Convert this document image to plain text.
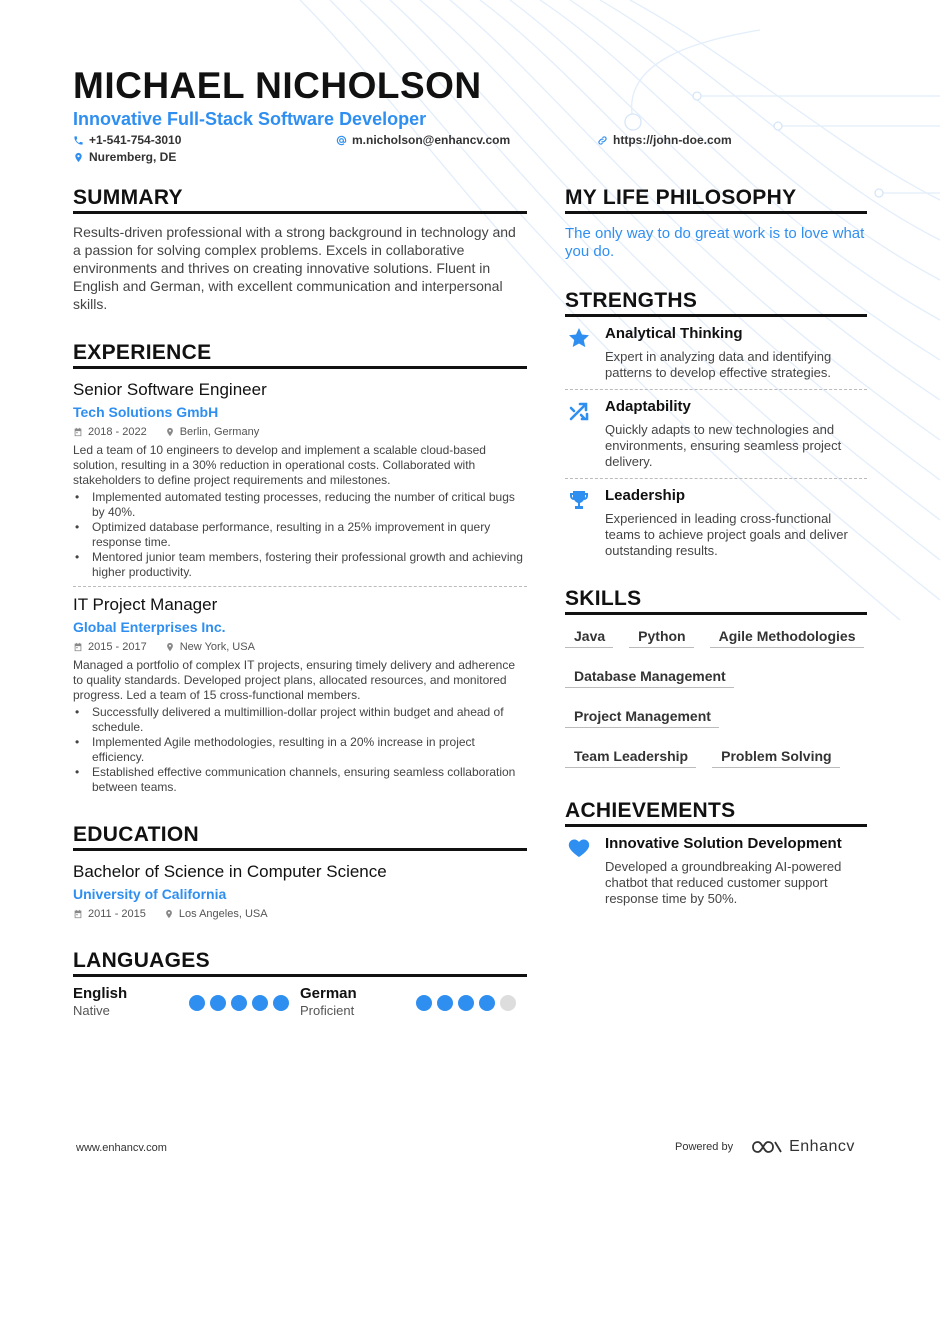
MICHAEL NICHOLSON
Innovative Full-Stack Software Developer
+1-541-754-3010	m.nicholson@enhancv.com	https://john-doe.com
Nuremberg, DE
SUMMARY
Results-driven professional with a strong background in technology and a passion for solving complex problems. Excels in collaborative environments and thrives on creating innovative solutions. Fluent in English and German, with excellent communication and interpersonal skills.
EXPERIENCE
Senior Software Engineer
Tech Solutions GmbH
2018 - 2022	Berlin, Germany
Led a team of 10 engineers to develop and implement a scalable cloud-based solution, resulting in a 30% reduction in operational costs. Collaborated with stakeholders to define project requirements and milestones.
• Implemented automated testing processes, reducing the number of critical bugs by 40%.
• Optimized database performance, resulting in a 25% improvement in query response time.
• Mentored junior team members, fostering their professional growth and achieving higher productivity.
IT Project Manager
Global Enterprises Inc.
2015 - 2017	New York, USA
Managed a portfolio of complex IT projects, ensuring timely delivery and adherence to quality standards. Developed project plans, allocated resources, and monitored progress. Led a team of 15 cross-functional members.
• Successfully delivered a multimillion-dollar project within budget and ahead of schedule.
• Implemented Agile methodologies, resulting in a 20% increase in project efficiency.
• Established effective communication channels, ensuring seamless collaboration between teams.
EDUCATION
Bachelor of Science in Computer Science
University of California
2011 - 2015	Los Angeles, USA
LANGUAGES
English
Native
German
Proficient
MY LIFE PHILOSOPHY
The only way to do great work is to love what you do.
STRENGTHS
Analytical Thinking
Expert in analyzing data and identifying patterns to develop effective strategies.
Adaptability
Quickly adapts to new technologies and environments, ensuring seamless project delivery.
Leadership
Experienced in leading cross-functional teams to achieve project goals and deliver outstanding results.
SKILLS
Java	Python	Agile Methodologies
Database Management
Project Management
Team Leadership	Problem Solving
ACHIEVEMENTS
Innovative Solution Development
Developed a groundbreaking AI-powered chatbot that reduced customer support response time by 50%.
www.enhancv.com	Powered by	Enhancv
